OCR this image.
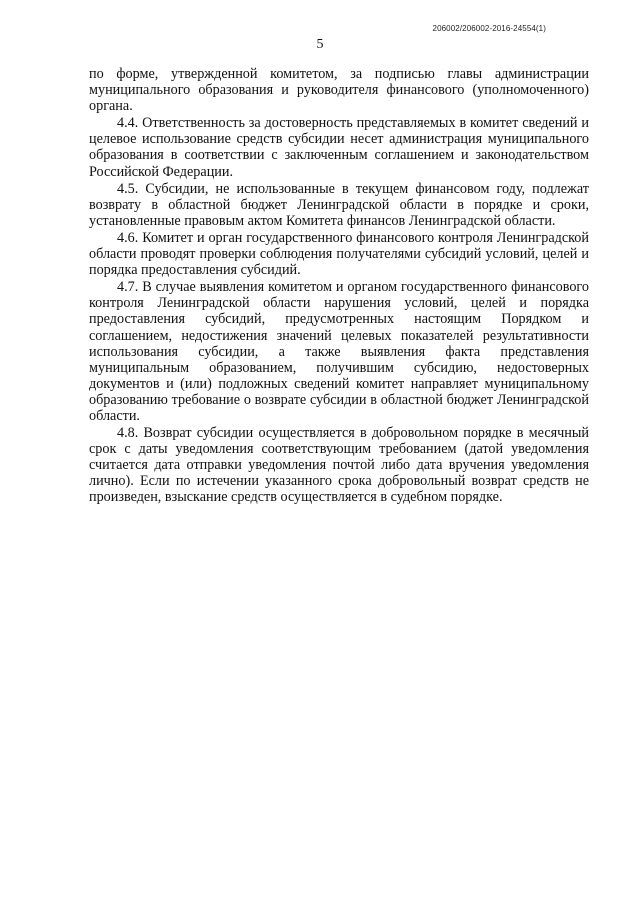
206002/206002-2016-24554(1)
5

по форме, утвержденной комитетом, за подписью главы администрации муниципального образования и руководителя финансового (уполномоченного) органа.

4.4. Ответственность за достоверность представляемых в комитет сведений и целевое использование средств субсидии несет администрация муниципального образования в соответствии с заключенным соглашением и законодательством Российской Федерации.

4.5. Субсидии, не использованные в текущем финансовом году, подлежат возврату в областной бюджет Ленинградской области в порядке и сроки, установленные правовым актом Комитета финансов Ленинградской области.

4.6. Комитет и орган государственного финансового контроля Ленинградской области проводят проверки соблюдения получателями субсидий условий, целей и порядка предоставления субсидий.

4.7. В случае выявления комитетом и органом государственного финансового контроля Ленинградской области нарушения условий, целей и порядка предоставления субсидий, предусмотренных настоящим Порядком и соглашением, недостижения значений целевых показателей результативности использования субсидии, а также выявления факта представления муниципальным образованием, получившим субсидию, недостоверных документов и (или) подложных сведений комитет направляет муниципальному образованию требование о возврате субсидии в областной бюджет Ленинградской области.

4.8. Возврат субсидии осуществляется в добровольном порядке в месячный срок с даты уведомления соответствующим требованием (датой уведомления считается дата отправки уведомления почтой либо дата вручения уведомления лично). Если по истечении указанного срока добровольный возврат средств не произведен, взыскание средств осуществляется в судебном порядке.
